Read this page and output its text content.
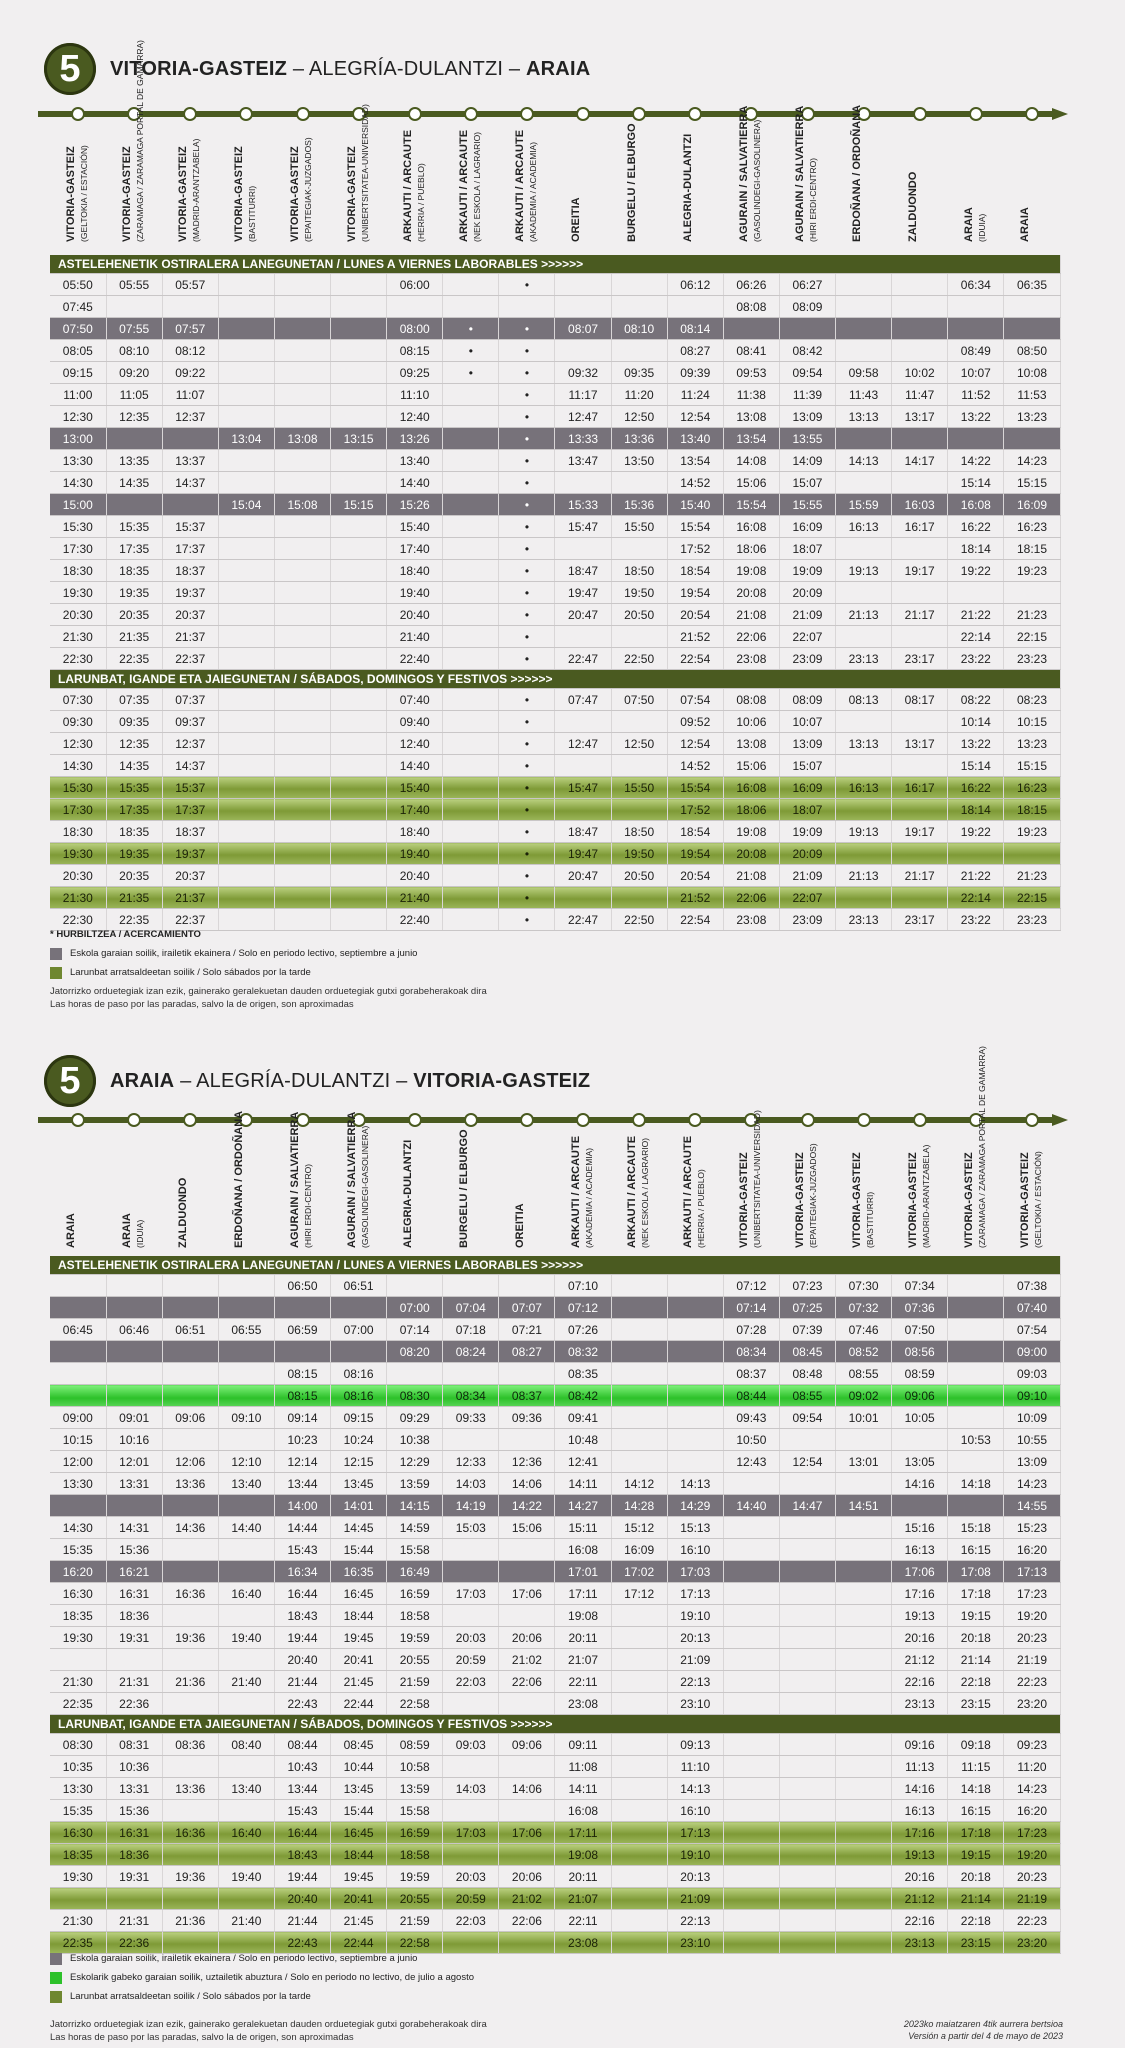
5	VITORIA-GASTEIZ – ALEGRÍA-DULANTZI – ARAIA
VITORIA-GASTEIZ (GELTOKIA / ESTACIÓN)	VITORIA-GASTEIZ (ZARAMAGA / ZARAMAGA PORTAL DE GAMARRA)	VITORIA-GASTEIZ (MADRID-ARANTZABELA)	VITORIA-GASTEIZ (BASTITURRI)	VITORIA-GASTEIZ (EPAITEGIAK-JUZGADOS)	VITORIA-GASTEIZ (UNIBERTSITATEA-UNIVERSIDAD)	ARKAUTI / ARCAUTE (HERRIA / PUEBLO)	ARKAUTI / ARCAUTE (NEK ESKOLA / LAGRARIO)	ARKAUTI / ARCAUTE (AKADEMIA / ACADEMIA)	OREITIA	BURGELU / ELBURGO	ALEGRIA-DULANTZI	AGURAIN / SALVATIERRA (GASOLINDEGI-GASOLINERA)	AGURAIN / SALVATIERRA (HIRI ERDI-CENTRO)	ERDOÑANA / ORDOÑANA	ZALDUONDO	ARAIA (IDUIA)	ARAIA
ASTELEHENETIK OSTIRALERA LANEGUNETAN / LUNES A VIERNES LABORABLES >>>>>>																	
05:50	05:55	05:57				06:00		•			06:12	06:26	06:27			06:34	06:35
07:45												08:08	08:09				
07:50	07:55	07:57				08:00	•	•	08:07	08:10	08:14						
08:05	08:10	08:12				08:15	•	•			08:27	08:41	08:42			08:49	08:50
09:15	09:20	09:22				09:25	•	•	09:32	09:35	09:39	09:53	09:54	09:58	10:02	10:07	10:08
11:00	11:05	11:07				11:10		•	11:17	11:20	11:24	11:38	11:39	11:43	11:47	11:52	11:53
12:30	12:35	12:37				12:40		•	12:47	12:50	12:54	13:08	13:09	13:13	13:17	13:22	13:23
13:00			13:04	13:08	13:15	13:26		•	13:33	13:36	13:40	13:54	13:55				
13:30	13:35	13:37				13:40		•	13:47	13:50	13:54	14:08	14:09	14:13	14:17	14:22	14:23
14:30	14:35	14:37				14:40		•			14:52	15:06	15:07			15:14	15:15
15:00			15:04	15:08	15:15	15:26		•	15:33	15:36	15:40	15:54	15:55	15:59	16:03	16:08	16:09
15:30	15:35	15:37				15:40		•	15:47	15:50	15:54	16:08	16:09	16:13	16:17	16:22	16:23
17:30	17:35	17:37				17:40		•			17:52	18:06	18:07			18:14	18:15
18:30	18:35	18:37				18:40		•	18:47	18:50	18:54	19:08	19:09	19:13	19:17	19:22	19:23
19:30	19:35	19:37				19:40		•	19:47	19:50	19:54	20:08	20:09				
20:30	20:35	20:37				20:40		•	20:47	20:50	20:54	21:08	21:09	21:13	21:17	21:22	21:23
21:30	21:35	21:37				21:40		•			21:52	22:06	22:07			22:14	22:15
22:30	22:35	22:37				22:40		•	22:47	22:50	22:54	23:08	23:09	23:13	23:17	23:22	23:23
LARUNBAT, IGANDE ETA JAIEGUNETAN / SÁBADOS, DOMINGOS Y FESTIVOS >>>>>>																	
07:30	07:35	07:37				07:40		•	07:47	07:50	07:54	08:08	08:09	08:13	08:17	08:22	08:23
09:30	09:35	09:37				09:40		•			09:52	10:06	10:07			10:14	10:15
12:30	12:35	12:37				12:40		•	12:47	12:50	12:54	13:08	13:09	13:13	13:17	13:22	13:23
14:30	14:35	14:37				14:40		•			14:52	15:06	15:07			15:14	15:15
15:30	15:35	15:37				15:40		•	15:47	15:50	15:54	16:08	16:09	16:13	16:17	16:22	16:23
17:30	17:35	17:37				17:40		•			17:52	18:06	18:07			18:14	18:15
18:30	18:35	18:37				18:40		•	18:47	18:50	18:54	19:08	19:09	19:13	19:17	19:22	19:23
19:30	19:35	19:37				19:40		•	19:47	19:50	19:54	20:08	20:09				
20:30	20:35	20:37				20:40		•	20:47	20:50	20:54	21:08	21:09	21:13	21:17	21:22	21:23
21:30	21:35	21:37				21:40		•			21:52	22:06	22:07			22:14	22:15
22:30	22:35	22:37				22:40		•	22:47	22:50	22:54	23:08	23:09	23:13	23:17	23:22	23:23
* HURBILTZEA / ACERCAMIENTO
Eskola garaian soilik, irailetik ekainera / Solo en periodo lectivo, septiembre a junio
Larunbat arratsaldeetan soilik / Solo sábados por la tarde
Jatorrizko orduetegiak izan ezik, gainerako geralekuetan dauden orduetegiak gutxi gorabeherakoak dira
Las horas de paso por las paradas, salvo la de origen, son aproximadas
5	ARAIA – ALEGRÍA-DULANTZI – VITORIA-GASTEIZ
ARAIA	ARAIA (IDUIA)	ZALDUONDO	ERDOÑANA / ORDOÑANA	AGURAIN / SALVATIERRA (HIRI ERDI-CENTRO)	AGURAIN / SALVATIERRA (GASOLINDEGI-GASOLINERA)	ALEGRIA-DULANTZI	BURGELU / ELBURGO	OREITIA	ARKAUTI / ARCAUTE (AKADEMIA / ACADEMIA)	ARKAUTI / ARCAUTE (NEK ESKOLA / LAGRARIO)	ARKAUTI / ARCAUTE (HERRIA / PUEBLO)	VITORIA-GASTEIZ (UNIBERTSITATEA-UNIVERSIDAD)	VITORIA-GASTEIZ (EPAITEGIAK-JUZGADOS)	VITORIA-GASTEIZ (BASTITURRI)	VITORIA-GASTEIZ (MADRID-ARANTZABELA)	VITORIA-GASTEIZ (ZARAMAGA / ZARAMAGA PORTAL DE GAMARRA)	VITORIA-GASTEIZ (GELTOKIA / ESTACIÓN)
ASTELEHENETIK OSTIRALERA LANEGUNETAN / LUNES A VIERNES LABORABLES >>>>>>																	
				06:50	06:51				07:10			07:12	07:23	07:30	07:34		07:38
						07:00	07:04	07:07	07:12			07:14	07:25	07:32	07:36		07:40
06:45	06:46	06:51	06:55	06:59	07:00	07:14	07:18	07:21	07:26			07:28	07:39	07:46	07:50		07:54
						08:20	08:24	08:27	08:32			08:34	08:45	08:52	08:56		09:00
				08:15	08:16				08:35			08:37	08:48	08:55	08:59		09:03
				08:15	08:16	08:30	08:34	08:37	08:42			08:44	08:55	09:02	09:06		09:10
09:00	09:01	09:06	09:10	09:14	09:15	09:29	09:33	09:36	09:41			09:43	09:54	10:01	10:05		10:09
10:15	10:16			10:23	10:24	10:38			10:48			10:50				10:53	10:55
12:00	12:01	12:06	12:10	12:14	12:15	12:29	12:33	12:36	12:41			12:43	12:54	13:01	13:05		13:09
13:30	13:31	13:36	13:40	13:44	13:45	13:59	14:03	14:06	14:11	14:12	14:13				14:16	14:18	14:23
				14:00	14:01	14:15	14:19	14:22	14:27	14:28	14:29	14:40	14:47	14:51			14:55
14:30	14:31	14:36	14:40	14:44	14:45	14:59	15:03	15:06	15:11	15:12	15:13				15:16	15:18	15:23
15:35	15:36			15:43	15:44	15:58			16:08	16:09	16:10				16:13	16:15	16:20
16:20	16:21			16:34	16:35	16:49			17:01	17:02	17:03				17:06	17:08	17:13
16:30	16:31	16:36	16:40	16:44	16:45	16:59	17:03	17:06	17:11	17:12	17:13				17:16	17:18	17:23
18:35	18:36			18:43	18:44	18:58			19:08		19:10				19:13	19:15	19:20
19:30	19:31	19:36	19:40	19:44	19:45	19:59	20:03	20:06	20:11		20:13				20:16	20:18	20:23
				20:40	20:41	20:55	20:59	21:02	21:07		21:09				21:12	21:14	21:19
21:30	21:31	21:36	21:40	21:44	21:45	21:59	22:03	22:06	22:11		22:13				22:16	22:18	22:23
22:35	22:36			22:43	22:44	22:58			23:08		23:10				23:13	23:15	23:20
LARUNBAT, IGANDE ETA JAIEGUNETAN / SÁBADOS, DOMINGOS Y FESTIVOS >>>>>>																	
08:30	08:31	08:36	08:40	08:44	08:45	08:59	09:03	09:06	09:11		09:13				09:16	09:18	09:23
10:35	10:36			10:43	10:44	10:58			11:08		11:10				11:13	11:15	11:20
13:30	13:31	13:36	13:40	13:44	13:45	13:59	14:03	14:06	14:11		14:13				14:16	14:18	14:23
15:35	15:36			15:43	15:44	15:58			16:08		16:10				16:13	16:15	16:20
16:30	16:31	16:36	16:40	16:44	16:45	16:59	17:03	17:06	17:11		17:13				17:16	17:18	17:23
18:35	18:36			18:43	18:44	18:58			19:08		19:10				19:13	19:15	19:20
19:30	19:31	19:36	19:40	19:44	19:45	19:59	20:03	20:06	20:11		20:13				20:16	20:18	20:23
				20:40	20:41	20:55	20:59	21:02	21:07		21:09				21:12	21:14	21:19
21:30	21:31	21:36	21:40	21:44	21:45	21:59	22:03	22:06	22:11		22:13				22:16	22:18	22:23
22:35	22:36			22:43	22:44	22:58			23:08		23:10				23:13	23:15	23:20
Eskola garaian soilik, irailetik ekainera / Solo en periodo lectivo, septiembre a junio
Eskolarik gabeko garaian soilik, uztailetik abuztura / Solo en periodo no lectivo, de julio a agosto
Larunbat arratsaldeetan soilik / Solo sábados por la tarde
Jatorrizko orduetegiak izan ezik, gainerako geralekuetan dauden orduetegiak gutxi gorabeherakoak dira
Las horas de paso por las paradas, salvo la de origen, son aproximadas
2023ko maiatzaren 4tik aurrera bertsioa
Versión a partir del 4 de mayo de 2023
